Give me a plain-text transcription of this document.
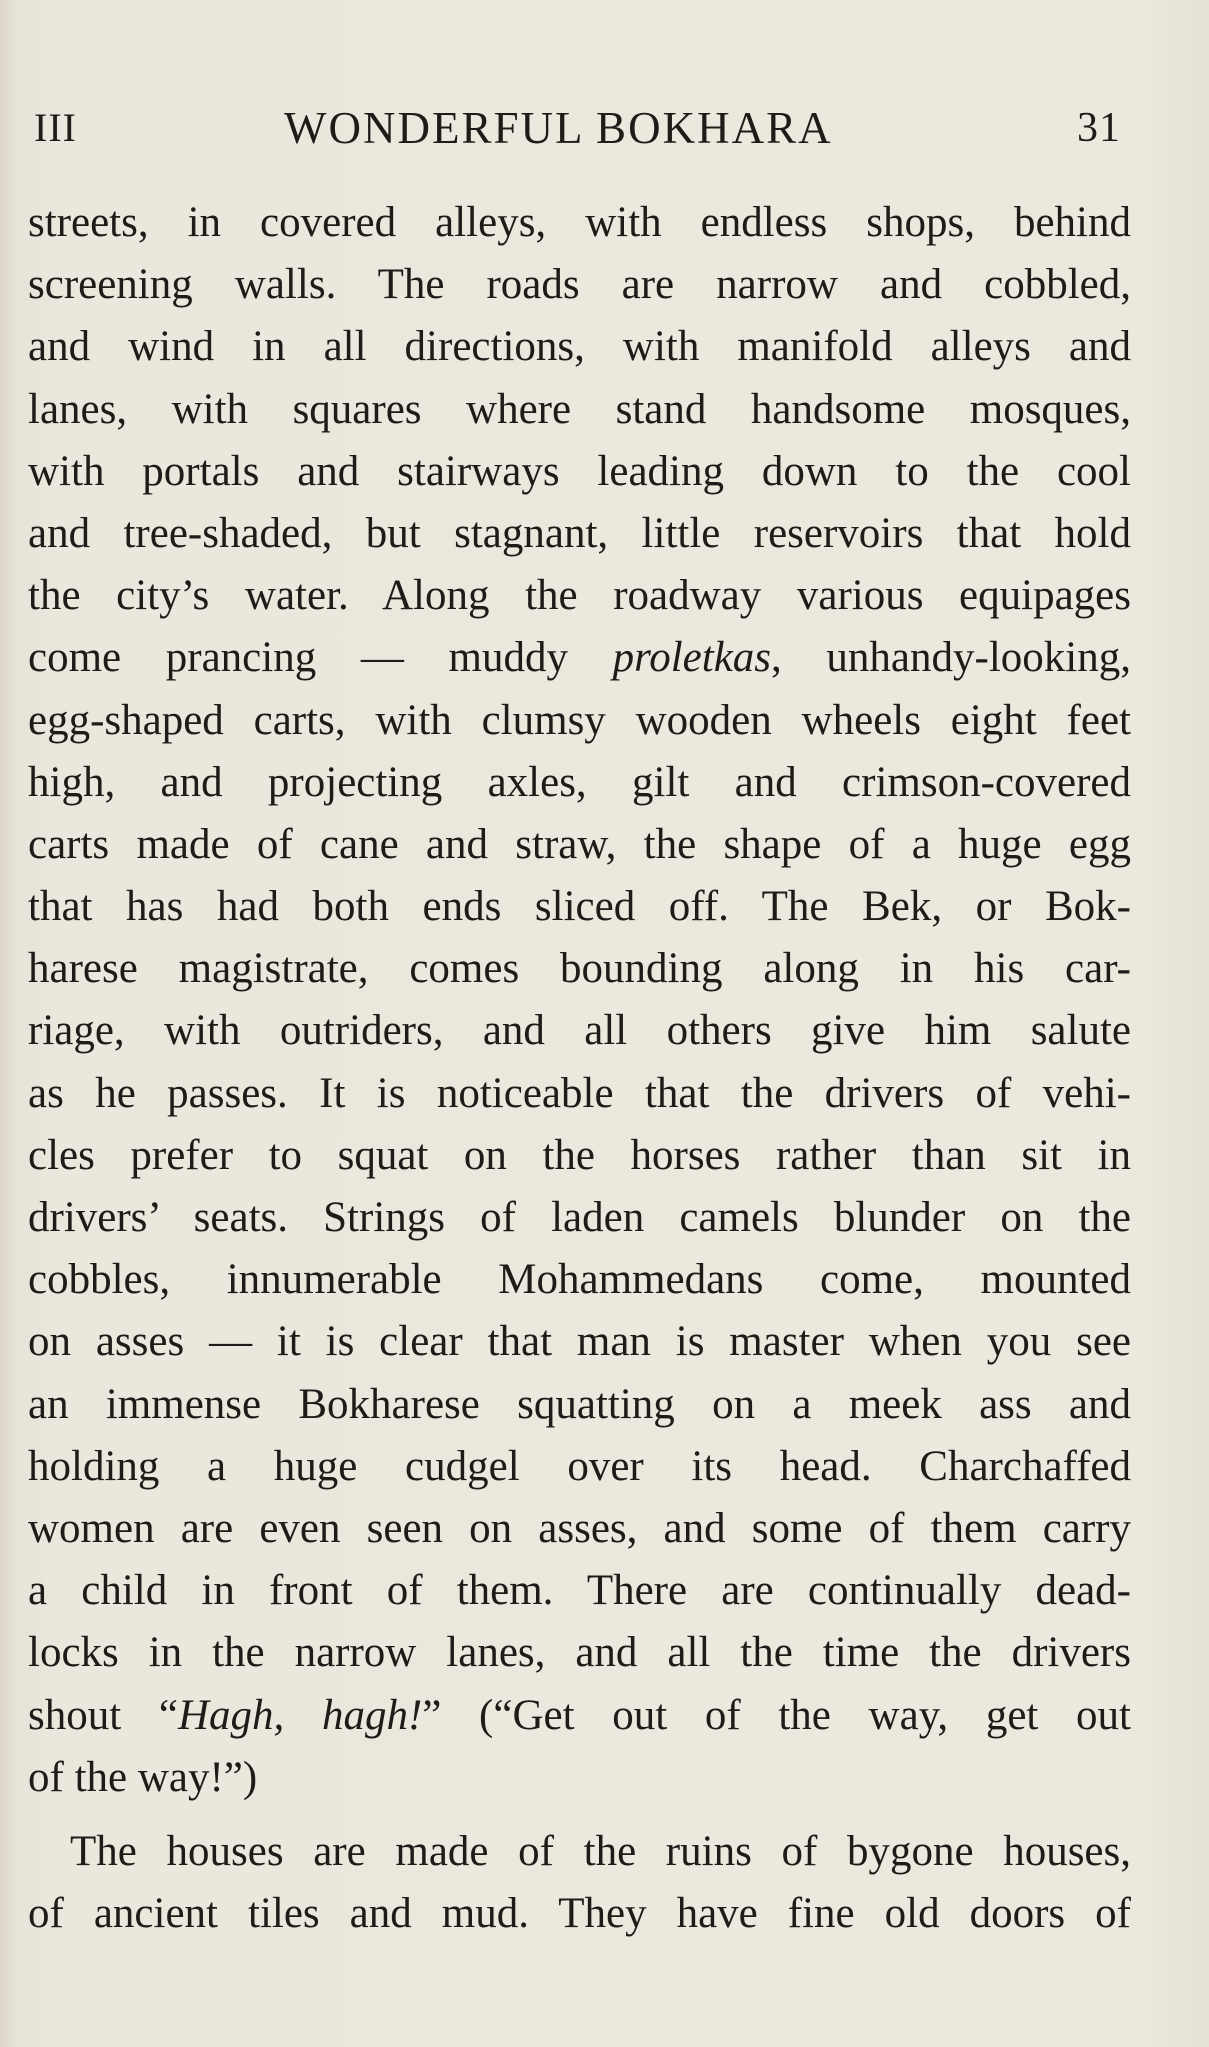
III	WONDERFUL BOKHARA	31
streets, in covered alleys, with endless shops, behind
screening walls. The roads are narrow and cobbled,
and wind in all directions, with manifold alleys and
lanes, with squares where stand handsome mosques,
with portals and stairways leading down to the cool
and tree-shaded, but stagnant, little reservoirs that hold
the city’s water. Along the roadway various equipages
come prancing — muddy proletkas, unhandy-looking,
egg-shaped carts, with clumsy wooden wheels eight feet
high, and projecting axles, gilt and crimson-covered
carts made of cane and straw, the shape of a huge egg
that has had both ends sliced off. The Bek, or Bok-
harese magistrate, comes bounding along in his car-
riage, with outriders, and all others give him salute
as he passes. It is noticeable that the drivers of vehi-
cles prefer to squat on the horses rather than sit in
drivers’ seats. Strings of laden camels blunder on the
cobbles, innumerable Mohammedans come, mounted
on asses — it is clear that man is master when you see
an immense Bokharese squatting on a meek ass and
holding a huge cudgel over its head. Charchaffed
women are even seen on asses, and some of them carry
a child in front of them. There are continually dead-
locks in the narrow lanes, and all the time the drivers
shout “Hagh, hagh!” (“Get out of the way, get out
of the way!”)
The houses are made of the ruins of bygone houses,
of ancient tiles and mud. They have fine old doors of
